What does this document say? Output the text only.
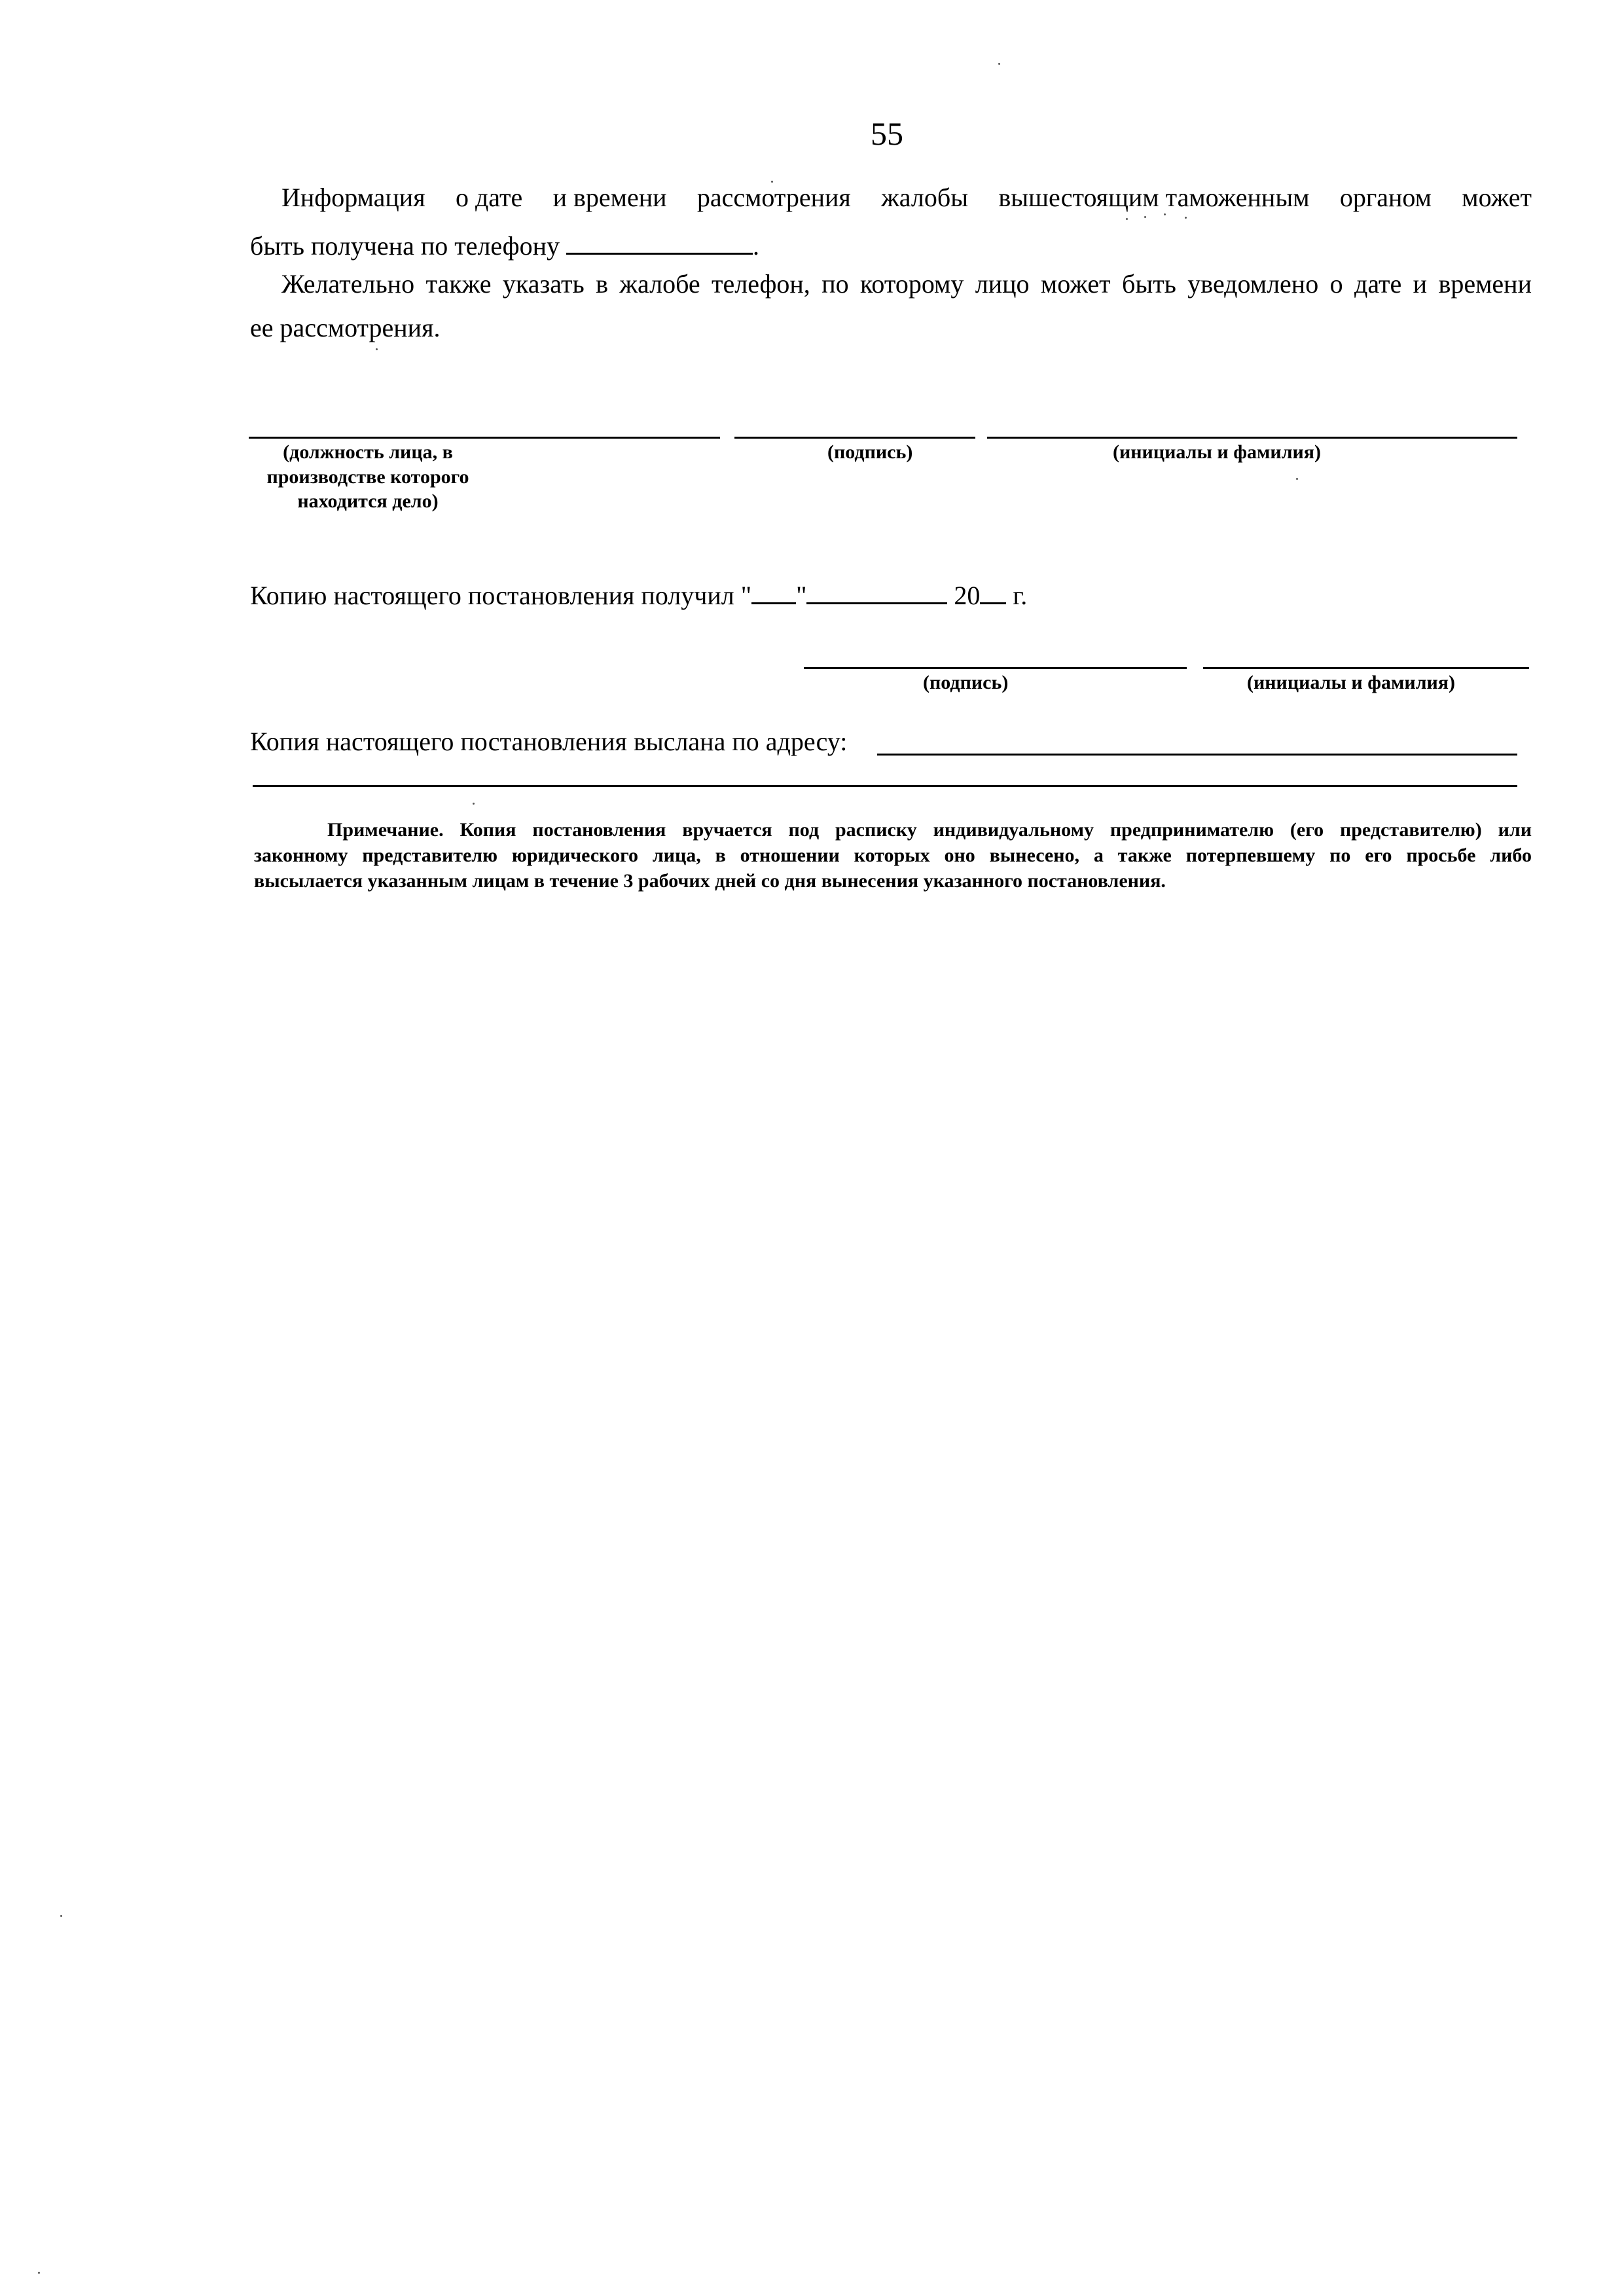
55
Информация о дате и времени рассмотрения жалобы вышестоящим таможенным органом может
быть получена по телефону	.
Желательно также указать в жалобе телефон, по которому лицо может быть уведомлено о дате и времени
ее рассмотрения.
(должность лица, в
производстве которого
находится дело)
(подпись)	(инициалы и фамилия)
Копию настоящего постановления получил " "	20 г.
(подпись)	(инициалы и фамилия)
Копия настоящего постановления выслана по адресу:
Примечание. Копия постановления вручается под расписку индивидуальному предпринимателю (его представителю) или
законному представителю юридического лица, в отношении которых оно вынесено, а также потерпевшему по его просьбе либо
высылается указанным лицам в течение 3 рабочих дней со дня вынесения указанного постановления.
